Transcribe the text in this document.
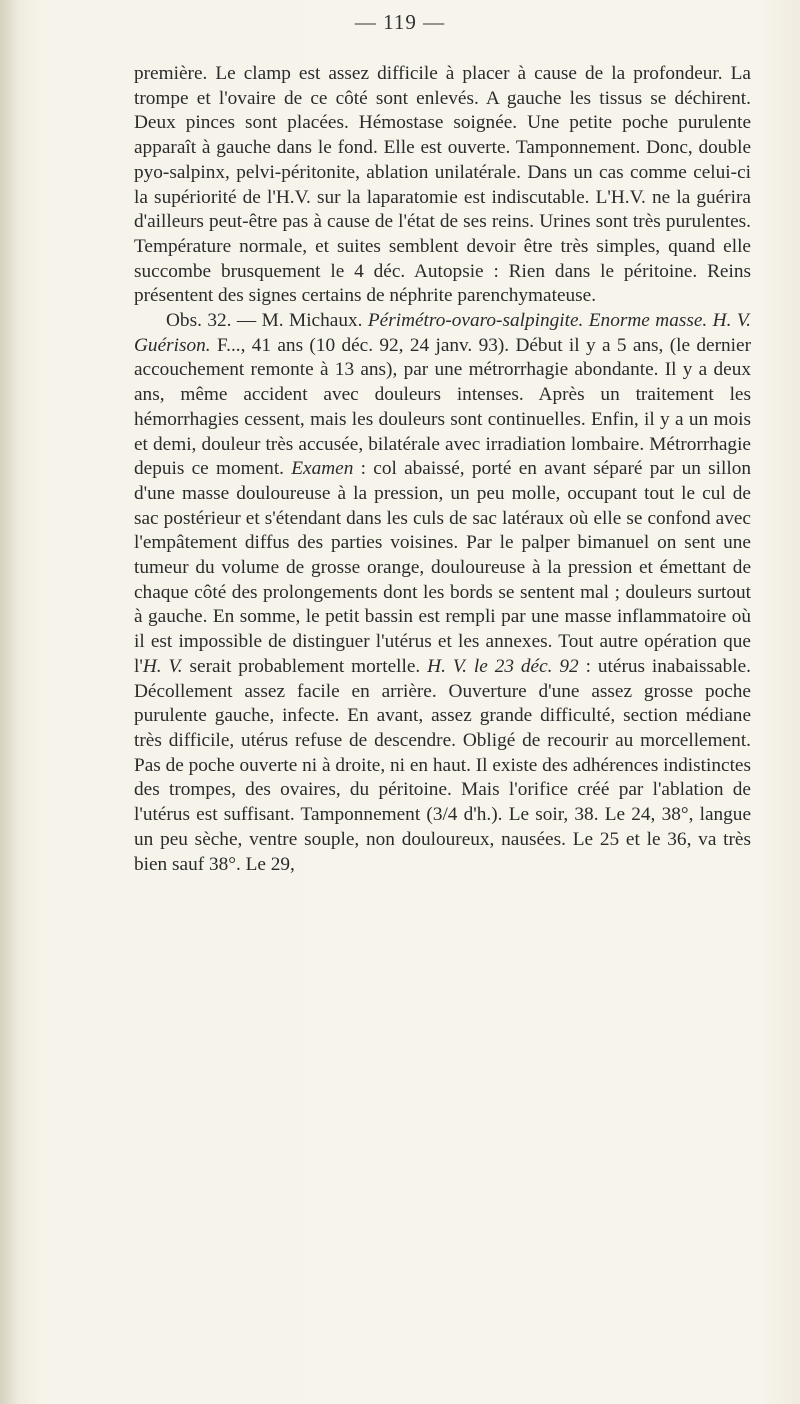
— 119 —

première. Le clamp est assez difficile à placer à cause de la profondeur. La trompe et l'ovaire de ce côté sont enlevés. A gauche les tissus se déchirent. Deux pinces sont placées. Hémostase soignée. Une petite poche purulente apparaît à gauche dans le fond. Elle est ouverte. Tamponnement. Donc, double pyo-salpinx, pelvi-péritonite, ablation unilatérale. Dans un cas comme celui-ci la supériorité de l'H.V. sur la laparatomie est indiscutable. L'H.V. ne la guérira d'ailleurs peut-être pas à cause de l'état de ses reins. Urines sont très purulentes. Température normale, et suites semblent devoir être très simples, quand elle succombe brusquement le 4 déc. Autopsie : Rien dans le péritoine. Reins présentent des signes certains de néphrite parenchymateuse.

Obs. 32. — M. Michaux. Périmétro-ovaro-salpingite. Enorme masse. H. V. Guérison. F..., 41 ans (10 déc. 92, 24 janv. 93). Début il y a 5 ans, (le dernier accouchement remonte à 13 ans), par une métrorrhagie abondante. Il y a deux ans, même accident avec douleurs intenses. Après un traitement les hémorrhagies cessent, mais les douleurs sont continuelles. Enfin, il y a un mois et demi, douleur très accusée, bilatérale avec irradiation lombaire. Métrorrhagie depuis ce moment. Examen : col abaissé, porté en avant séparé par un sillon d'une masse douloureuse à la pression, un peu molle, occupant tout le cul de sac postérieur et s'étendant dans les culs de sac latéraux où elle se confond avec l'empâtement diffus des parties voisines. Par le palper bimanuel on sent une tumeur du volume de grosse orange, douloureuse à la pression et émettant de chaque côté des prolongements dont les bords se sentent mal ; douleurs surtout à gauche. En somme, le petit bassin est rempli par une masse inflammatoire où il est impossible de distinguer l'utérus et les annexes. Tout autre opération que l'H. V. serait probablement mortelle. H. V. le 23 déc. 92 : utérus inabaissable. Décollement assez facile en arrière. Ouverture d'une assez grosse poche purulente gauche, infecte. En avant, assez grande difficulté, section médiane très difficile, utérus refuse de descendre. Obligé de recourir au morcellement. Pas de poche ouverte ni à droite, ni en haut. Il existe des adhérences indistinctes des trompes, des ovaires, du péritoine. Mais l'orifice créé par l'ablation de l'utérus est suffisant. Tamponnement (3/4 d'h.). Le soir, 38. Le 24, 38°, langue un peu sèche, ventre souple, non douloureux, nausées. Le 25 et le 36, va très bien sauf 38°. Le 29,
